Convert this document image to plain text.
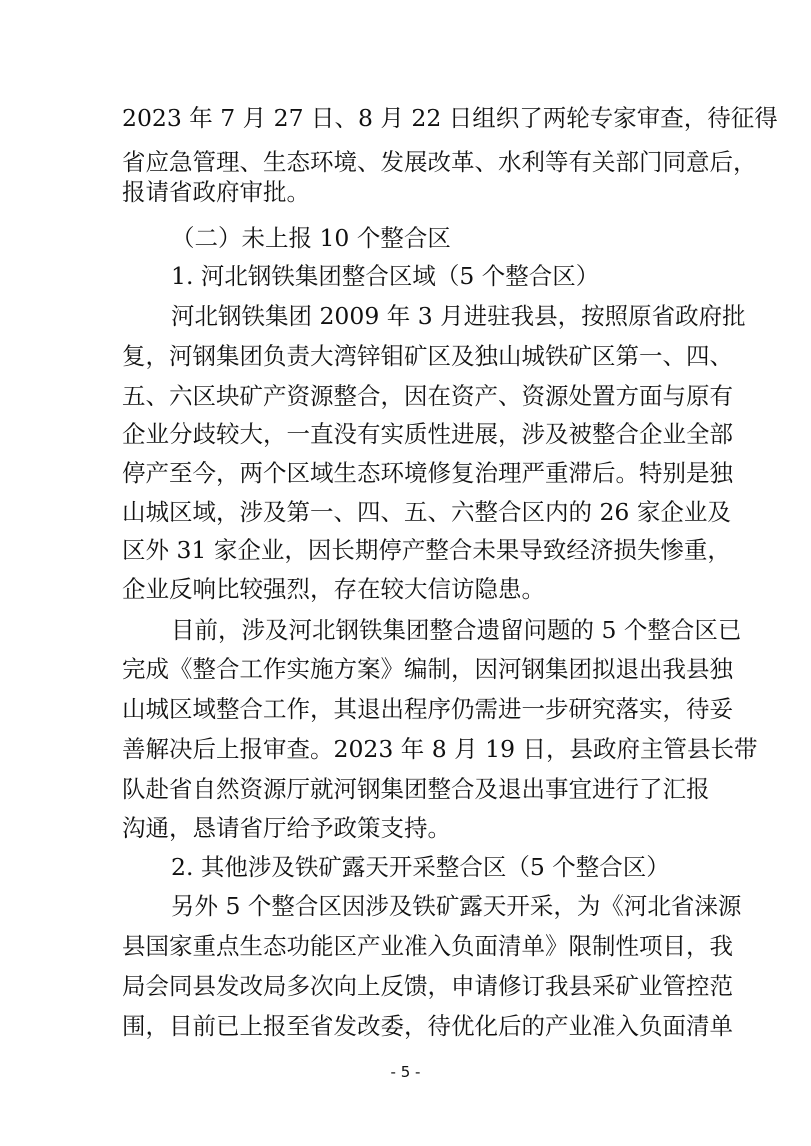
2023 年 7 月 27 日、8 月 22 日组织了两轮专家审查，待征得
省应急管理、生态环境、发展改革、水利等有关部门同意后，
报请省政府审批。
（二）未上报 10 个整合区
1. 河北钢铁集团整合区域（5 个整合区）
河北钢铁集团 2009 年 3 月进驻我县，按照原省政府批
复，河钢集团负责大湾锌钼矿区及独山城铁矿区第一、四、
五、六区块矿产资源整合，因在资产、资源处置方面与原有
企业分歧较大，一直没有实质性进展，涉及被整合企业全部
停产至今，两个区域生态环境修复治理严重滞后。特别是独
山城区域，涉及第一、四、五、六整合区内的 26 家企业及
区外 31 家企业，因长期停产整合未果导致经济损失惨重，
企业反响比较强烈，存在较大信访隐患。
目前，涉及河北钢铁集团整合遗留问题的 5 个整合区已
完成《整合工作实施方案》编制，因河钢集团拟退出我县独
山城区域整合工作，其退出程序仍需进一步研究落实，待妥
善解决后上报审查。2023 年 8 月 19 日，县政府主管县长带
队赴省自然资源厅就河钢集团整合及退出事宜进行了汇报
沟通，恳请省厅给予政策支持。
2. 其他涉及铁矿露天开采整合区（5 个整合区）
另外 5 个整合区因涉及铁矿露天开采，为《河北省涞源
县国家重点生态功能区产业准入负面清单》限制性项目，我
局会同县发改局多次向上反馈，申请修订我县采矿业管控范
围，目前已上报至省发改委，待优化后的产业准入负面清单
- 5 -
